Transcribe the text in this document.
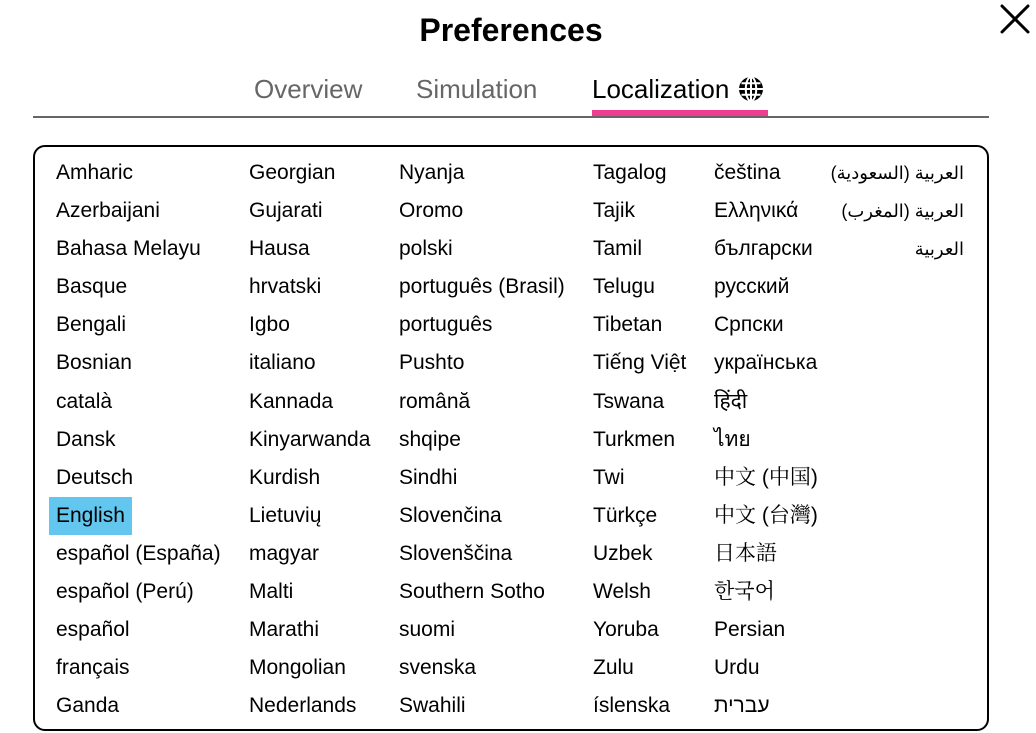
Preferences
Overview Simulation Localization
Amharic
Azerbaijani
Bahasa Melayu
Basque
Bengali
Bosnian
català
Dansk
Deutsch
English

español (España)
español (Perú)
español
français
Ganda
Georgian
Gujarati
Hausa
hrvatski
Igbo
italiano
Kannada
Kinyarwanda
Kurdish
Lietuvių
magyar
Malti
Marathi
Mongolian
Nederlands
Nyanja
Oromo
polski
português (Brasil)
português
Pushto
română
shqipe
Sindhi
Slovenčina
Slovenščina
Southern Sotho
suomi
svenska
Swahili
Tagalog
Tajik
Tamil
Telugu
Tibetan
Tiếng Việt
Tswana
Turkmen
Twi
Türkçe
Uzbek
Welsh
Yoruba
Zulu
íslenska
čeština
Ελληνικά
български
русский
Српски
українська
हिंदी
ไทย
中文 (中国)
中文 (台灣)
日本語
한국어
Persian
Urdu
עברית
العربية (السعودية)
العربية (المغرب)
العربية
